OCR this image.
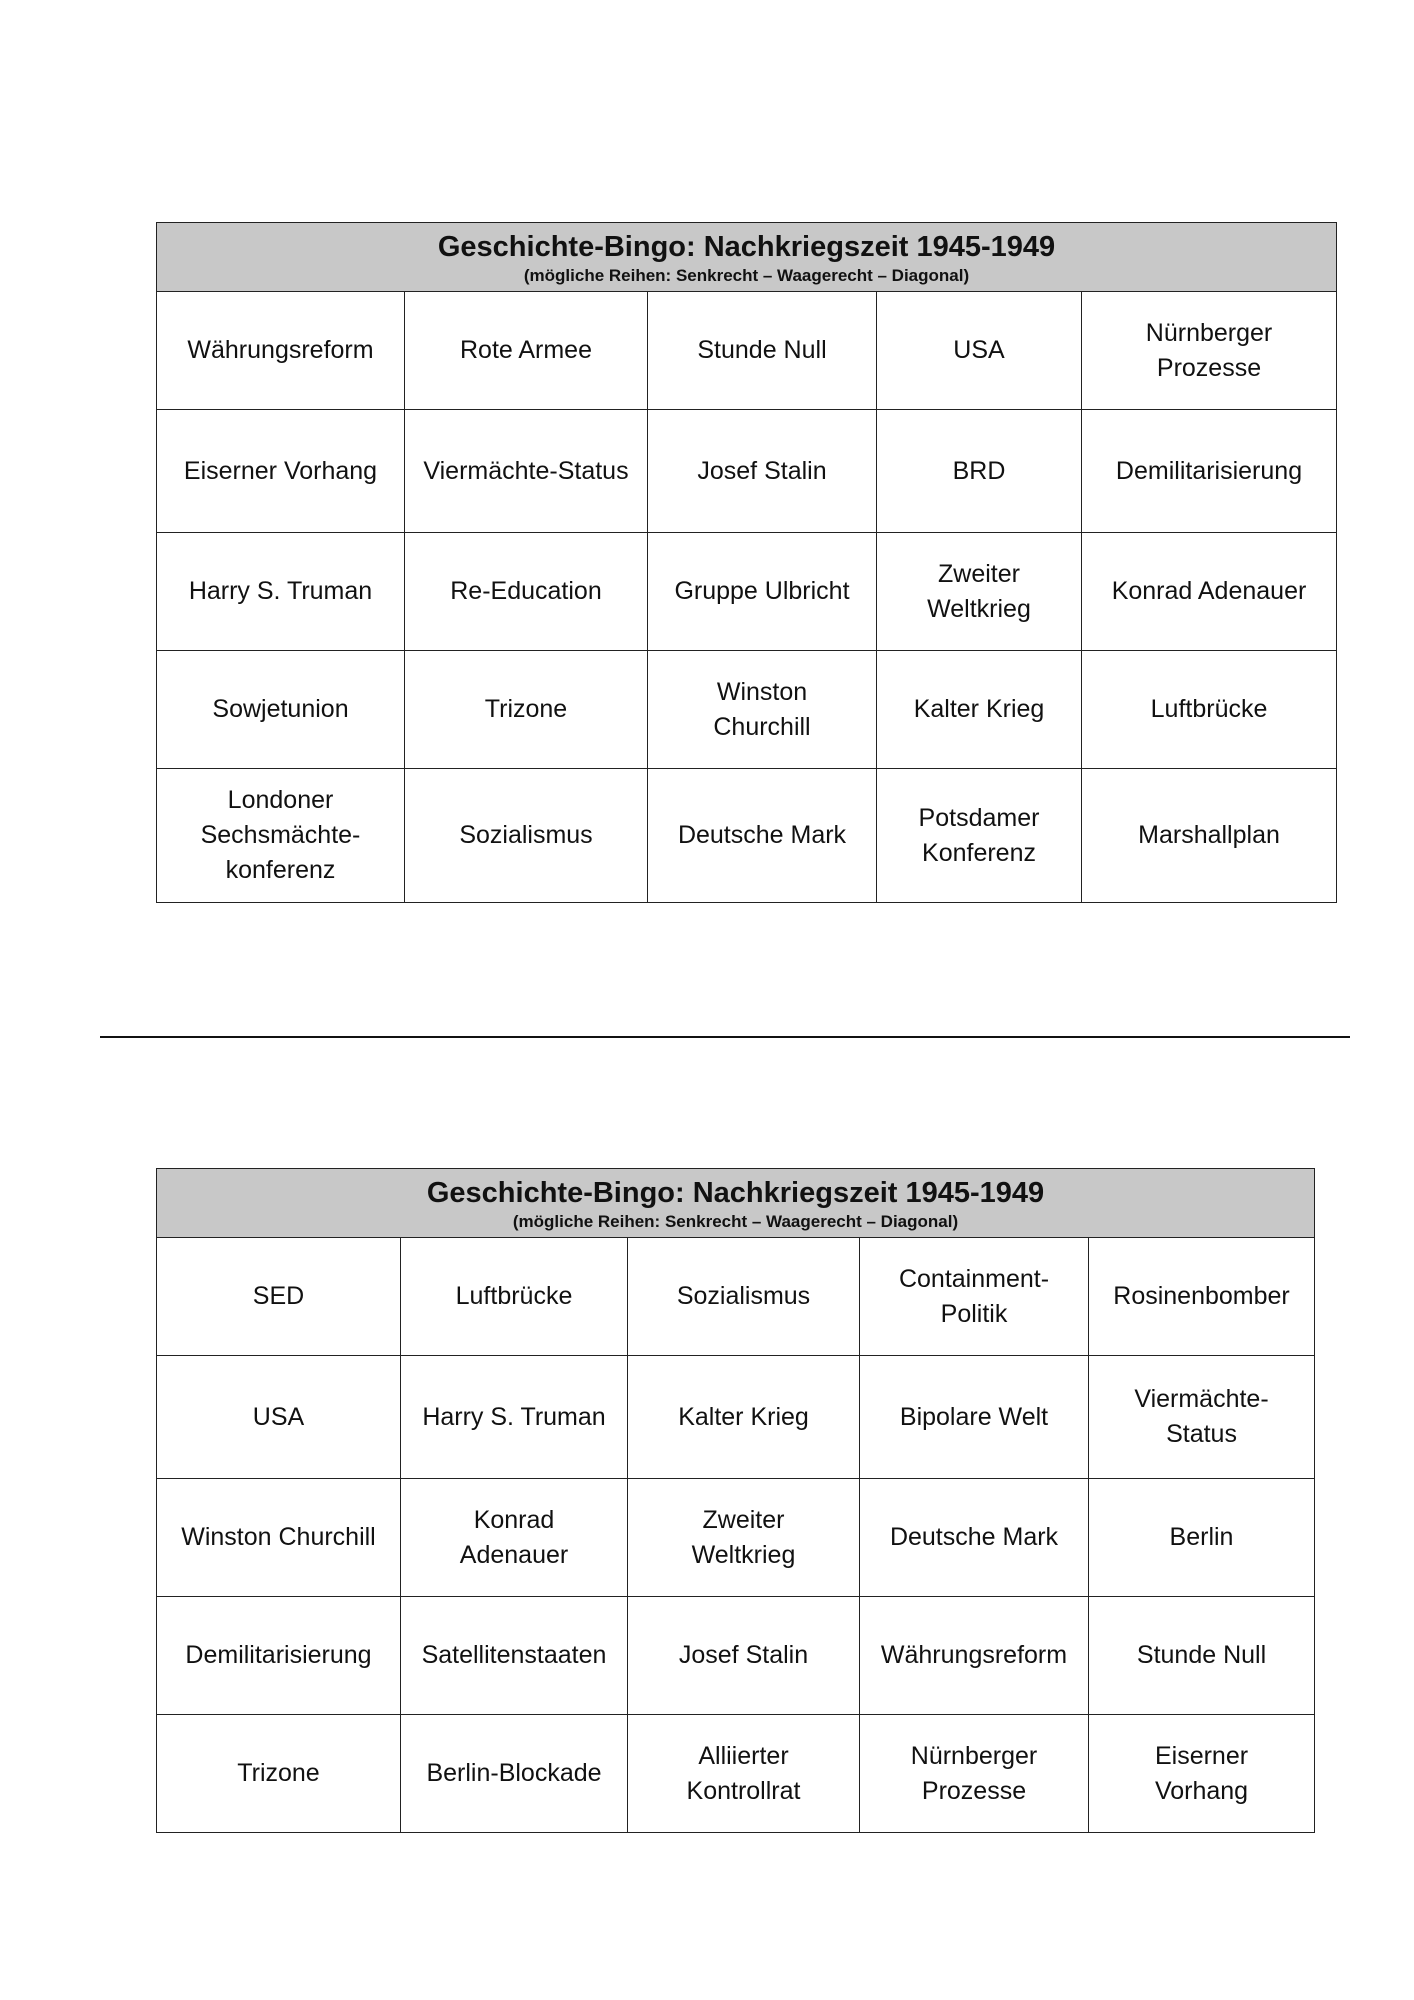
Geschichte-Bingo: Nachkriegszeit 1945-1949
(mögliche Reihen: Senkrecht – Waagerecht – Diagonal)				

Währungsreform	Rote Armee	Stunde Null	USA	Nürnberger Prozesse
Eiserner Vorhang	Viermächte-Status	Josef Stalin	BRD	Demilitarisierung
Harry S. Truman	Re-Education	Gruppe Ulbricht	Zweiter Weltkrieg	Konrad Adenauer
Sowjetunion	Trizone	Winston Churchill	Kalter Krieg	Luftbrücke
Londoner Sechsmächte-konferenz	Sozialismus	Deutsche Mark	Potsdamer Konferenz	Marshallplan
Geschichte-Bingo: Nachkriegszeit 1945-1949
(mögliche Reihen: Senkrecht – Waagerecht – Diagonal)				

SED	Luftbrücke	Sozialismus	Containment-Politik	Rosinenbomber
USA	Harry S. Truman	Kalter Krieg	Bipolare Welt	Viermächte-Status
Winston Churchill	Konrad Adenauer	Zweiter Weltkrieg	Deutsche Mark	Berlin
Demilitarisierung	Satellitenstaaten	Josef Stalin	Währungsreform	Stunde Null
Trizone	Berlin-Blockade	Alliierter Kontrollrat	Nürnberger Prozesse	Eiserner Vorhang
